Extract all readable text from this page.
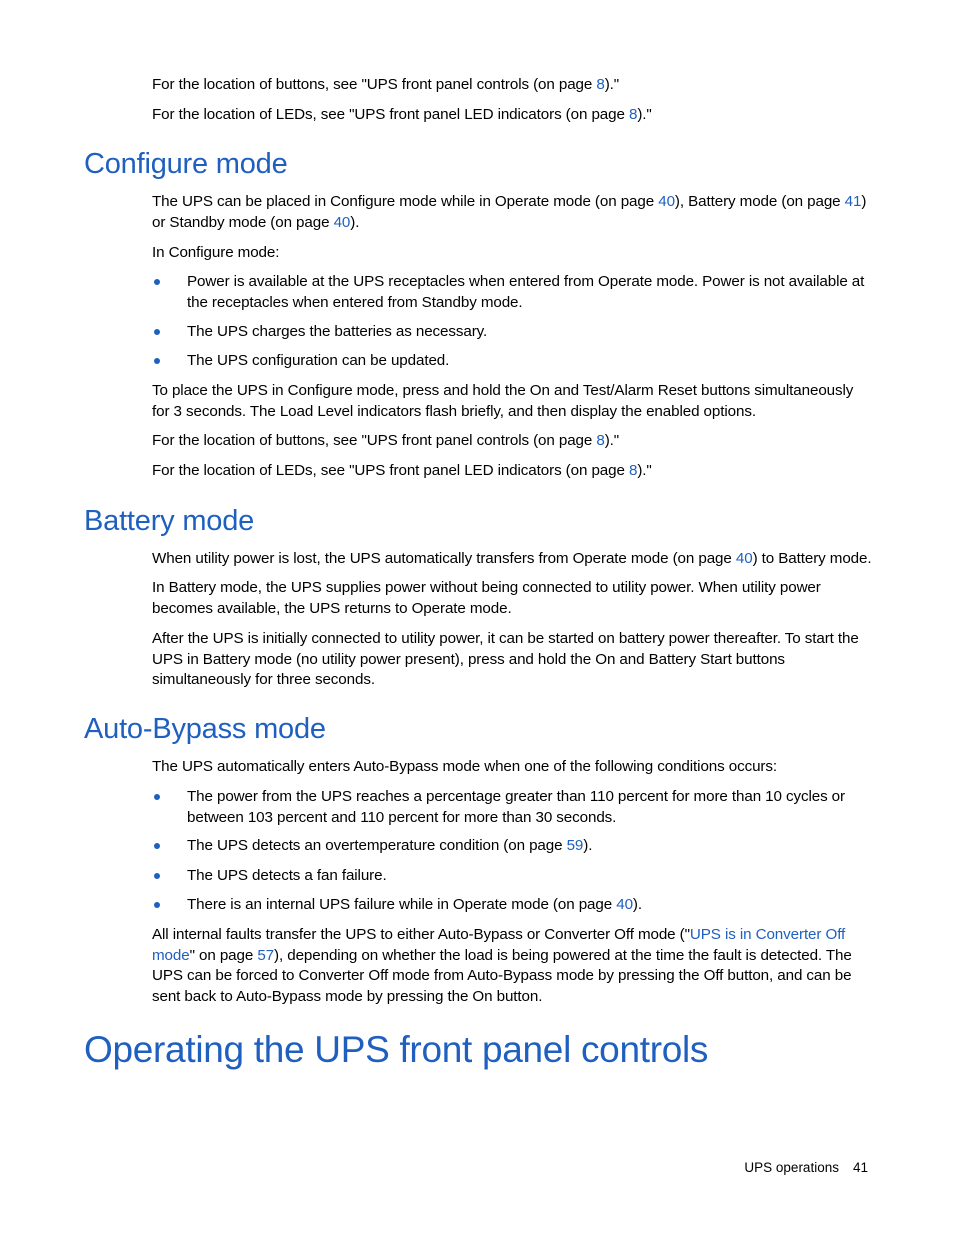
For the location of buttons, see "UPS front panel controls (on page 8)."

For the location of LEDs, see "UPS front panel LED indicators (on page 8)."

Configure mode

The UPS can be placed in Configure mode while in Operate mode (on page 40), Battery mode (on page 41) or Standby mode (on page 40).

In Configure mode:

Power is available at the UPS receptacles when entered from Operate mode. Power is not available at the receptacles when entered from Standby mode.

The UPS charges the batteries as necessary.

The UPS configuration can be updated.

To place the UPS in Configure mode, press and hold the On and Test/Alarm Reset buttons simultaneously for 3 seconds. The Load Level indicators flash briefly, and then display the enabled options.

For the location of buttons, see "UPS front panel controls (on page 8)."

For the location of LEDs, see "UPS front panel LED indicators (on page 8)."

Battery mode

When utility power is lost, the UPS automatically transfers from Operate mode (on page 40) to Battery mode.

In Battery mode, the UPS supplies power without being connected to utility power. When utility power becomes available, the UPS returns to Operate mode.

After the UPS is initially connected to utility power, it can be started on battery power thereafter. To start the UPS in Battery mode (no utility power present), press and hold the On and Battery Start buttons simultaneously for three seconds.

Auto-Bypass mode

The UPS automatically enters Auto-Bypass mode when one of the following conditions occurs:

The power from the UPS reaches a percentage greater than 110 percent for more than 10 cycles or between 103 percent and 110 percent for more than 30 seconds.

The UPS detects an overtemperature condition (on page 59).

The UPS detects a fan failure.

There is an internal UPS failure while in Operate mode (on page 40).

All internal faults transfer the UPS to either Auto-Bypass or Converter Off mode ("UPS is in Converter Off mode" on page 57), depending on whether the load is being powered at the time the fault is detected. The UPS can be forced to Converter Off mode from Auto-Bypass mode by pressing the Off button, and can be sent back to Auto-Bypass mode by pressing the On button.

Operating the UPS front panel controls
UPS operations 41
